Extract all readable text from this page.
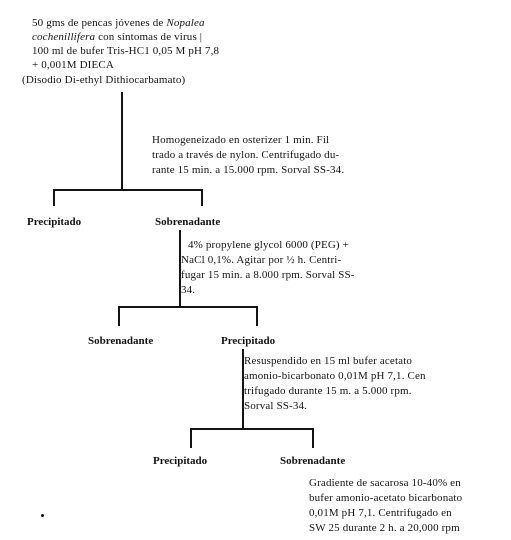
50 gms de pencas jóvenes de Nopalea
cochenillifera con síntomas de virus |
100 ml de bufer Tris-HC1 0,05 M pH 7,8
+ 0,001M DIECA
(Disodio Di-ethyl Dithiocarbamato)
Homogeneizado en osterizer 1 min. Fil
trado a través de nylon. Centrifugado du-
rante 15 min. a 15.000 rpm. Sorval SS-34.
Precipitado	Sobrenadante
4% propylene glycol 6000 (PEG) +
NaCl 0,1%. Agitar por ½ h. Centri-
fugar 15 min. a 8.000 rpm. Sorval SS-
34.
Sobrenadante	Precipitado
Resuspendido en 15 ml bufer acetato
amonio-bicarbonato 0,01M pH 7,1. Cen
trifugado durante 15 m. a 5.000 rpm.
Sorval SS-34.
Precipitado	Sobrenadante
Gradiente de sacarosa 10-40% en
bufer amonio-acetato bicarbonato
0,01M pH 7,1. Centrifugado en
SW 25 durante 2 h. a 20,000 rpm
